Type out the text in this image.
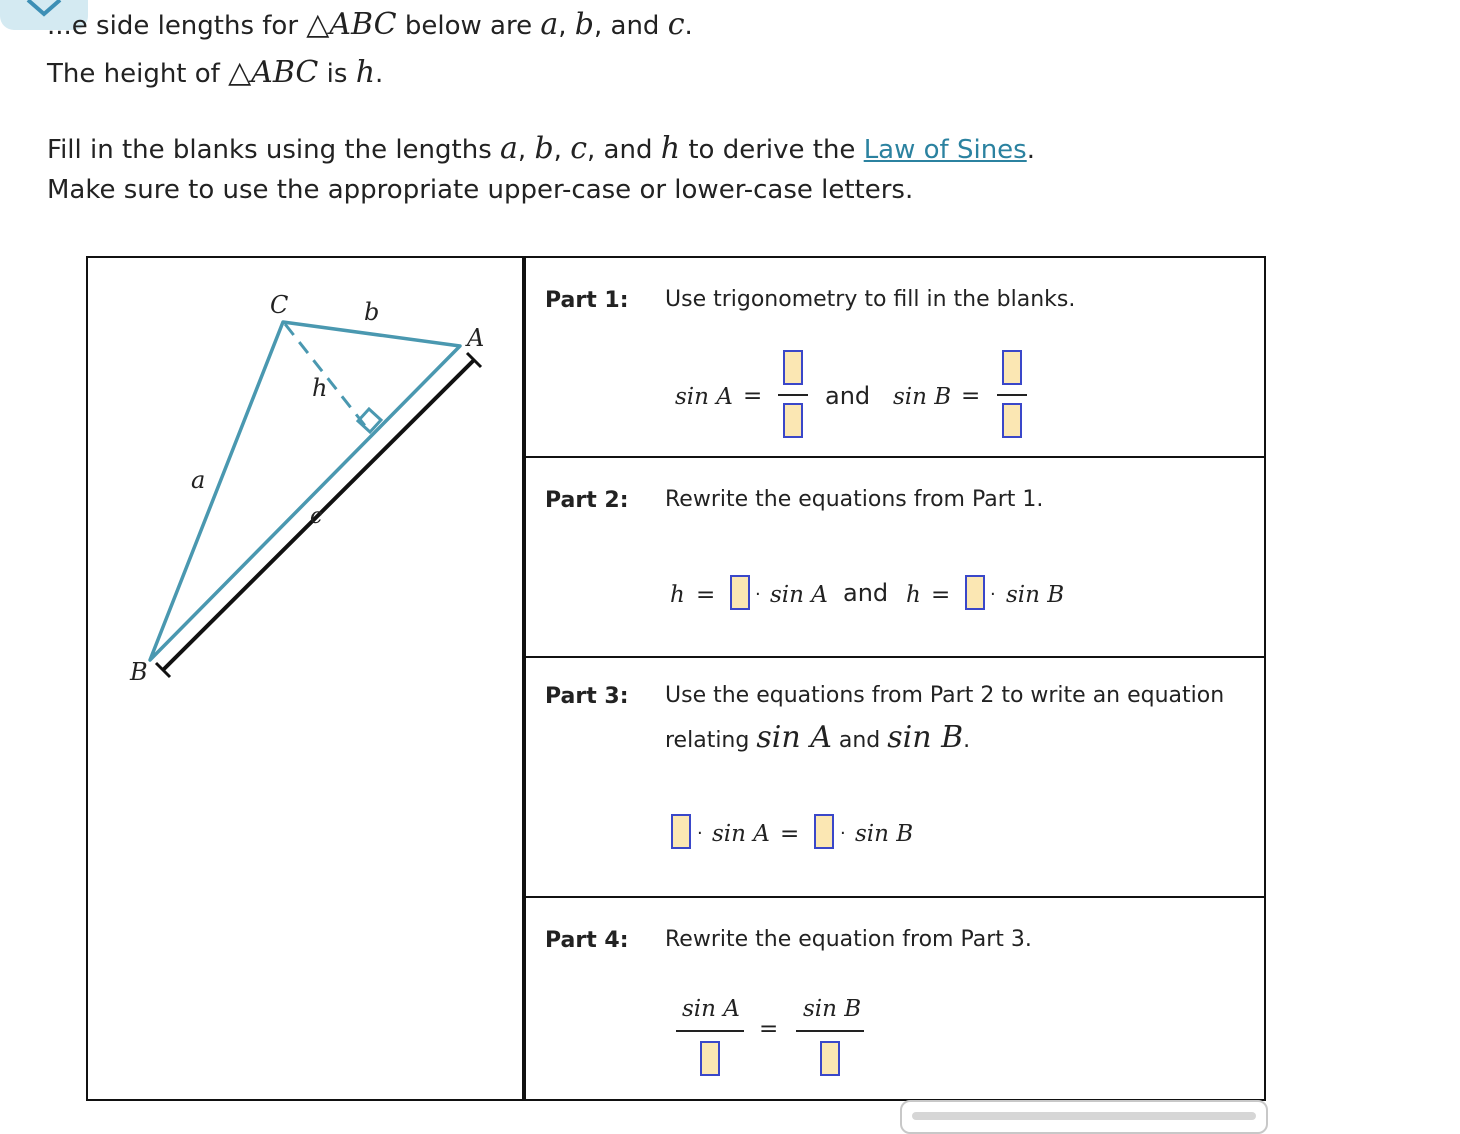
...e side lengths for △ABC below are a, b, and c.
The height of △ABC is h.
Fill in the blanks using the lengths a, b, c, and h to derive the Law of Sines.
Make sure to use the appropriate upper-case or lower-case letters.
C	b
A
h
a
c
B
Part 1: Use trigonometry to fill in the blanks.
sin A =	and sin B =
Part 2: Rewrite the equations from Part 1.
h = · sin A and h = · sin B
Part 3: Use the equations from Part 2 to write an equation relating sin A and sin B.
· sin A = · sin B
Part 4: Rewrite the equation from Part 3.
sin A
=
sin B
